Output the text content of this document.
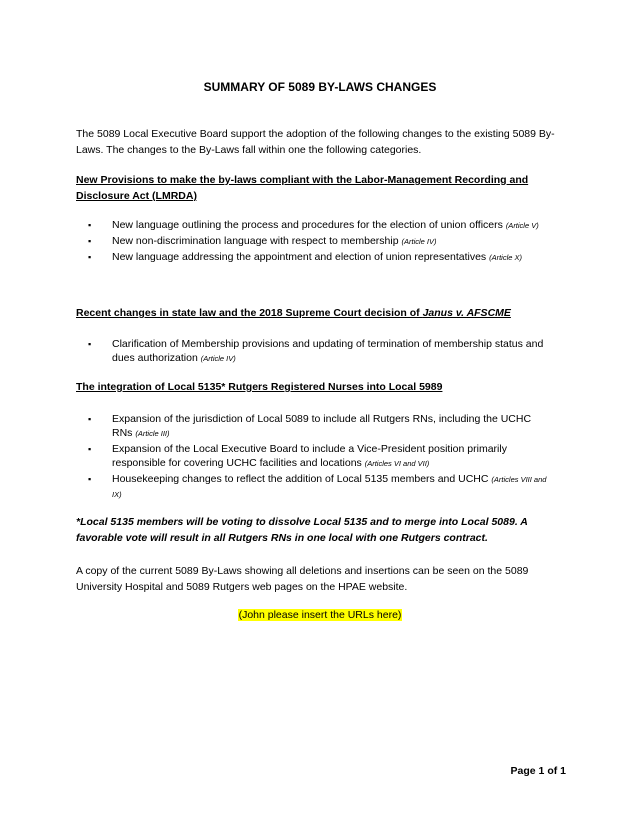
SUMMARY OF 5089 BY-LAWS CHANGES
The 5089 Local Executive Board support the adoption of the following changes to the existing 5089 By-Laws. The changes to the By-Laws fall within one the following categories.
New Provisions to make the by-laws compliant with the Labor-Management Recording and Disclosure Act (LMRDA)
▪ New language outlining the process and procedures for the election of union officers (Article V)
▪ New non-discrimination language with respect to membership (Article IV)
▪ New language addressing the appointment and election of union representatives (Article X)
Recent changes in state law and the 2018 Supreme Court decision of Janus v. AFSCME
▪ Clarification of Membership provisions and updating of termination of membership status and dues authorization (Article IV)
The integration of Local 5135* Rutgers Registered Nurses into Local 5989
▪ Expansion of the jurisdiction of Local 5089 to include all Rutgers RNs, including the UCHC RNs (Article III)
▪ Expansion of the Local Executive Board to include a Vice-President position primarily responsible for covering UCHC facilities and locations (Articles VI and VII)
▪ Housekeeping changes to reflect the addition of Local 5135 members and UCHC (Articles VIII and IX)
*Local 5135 members will be voting to dissolve Local 5135 and to merge into Local 5089. A favorable vote will result in all Rutgers RNs in one local with one Rutgers contract.
A copy of the current 5089 By-Laws showing all deletions and insertions can be seen on the 5089 University Hospital and 5089 Rutgers web pages on the HPAE website.
(John please insert the URLs here)
Page 1 of 1
